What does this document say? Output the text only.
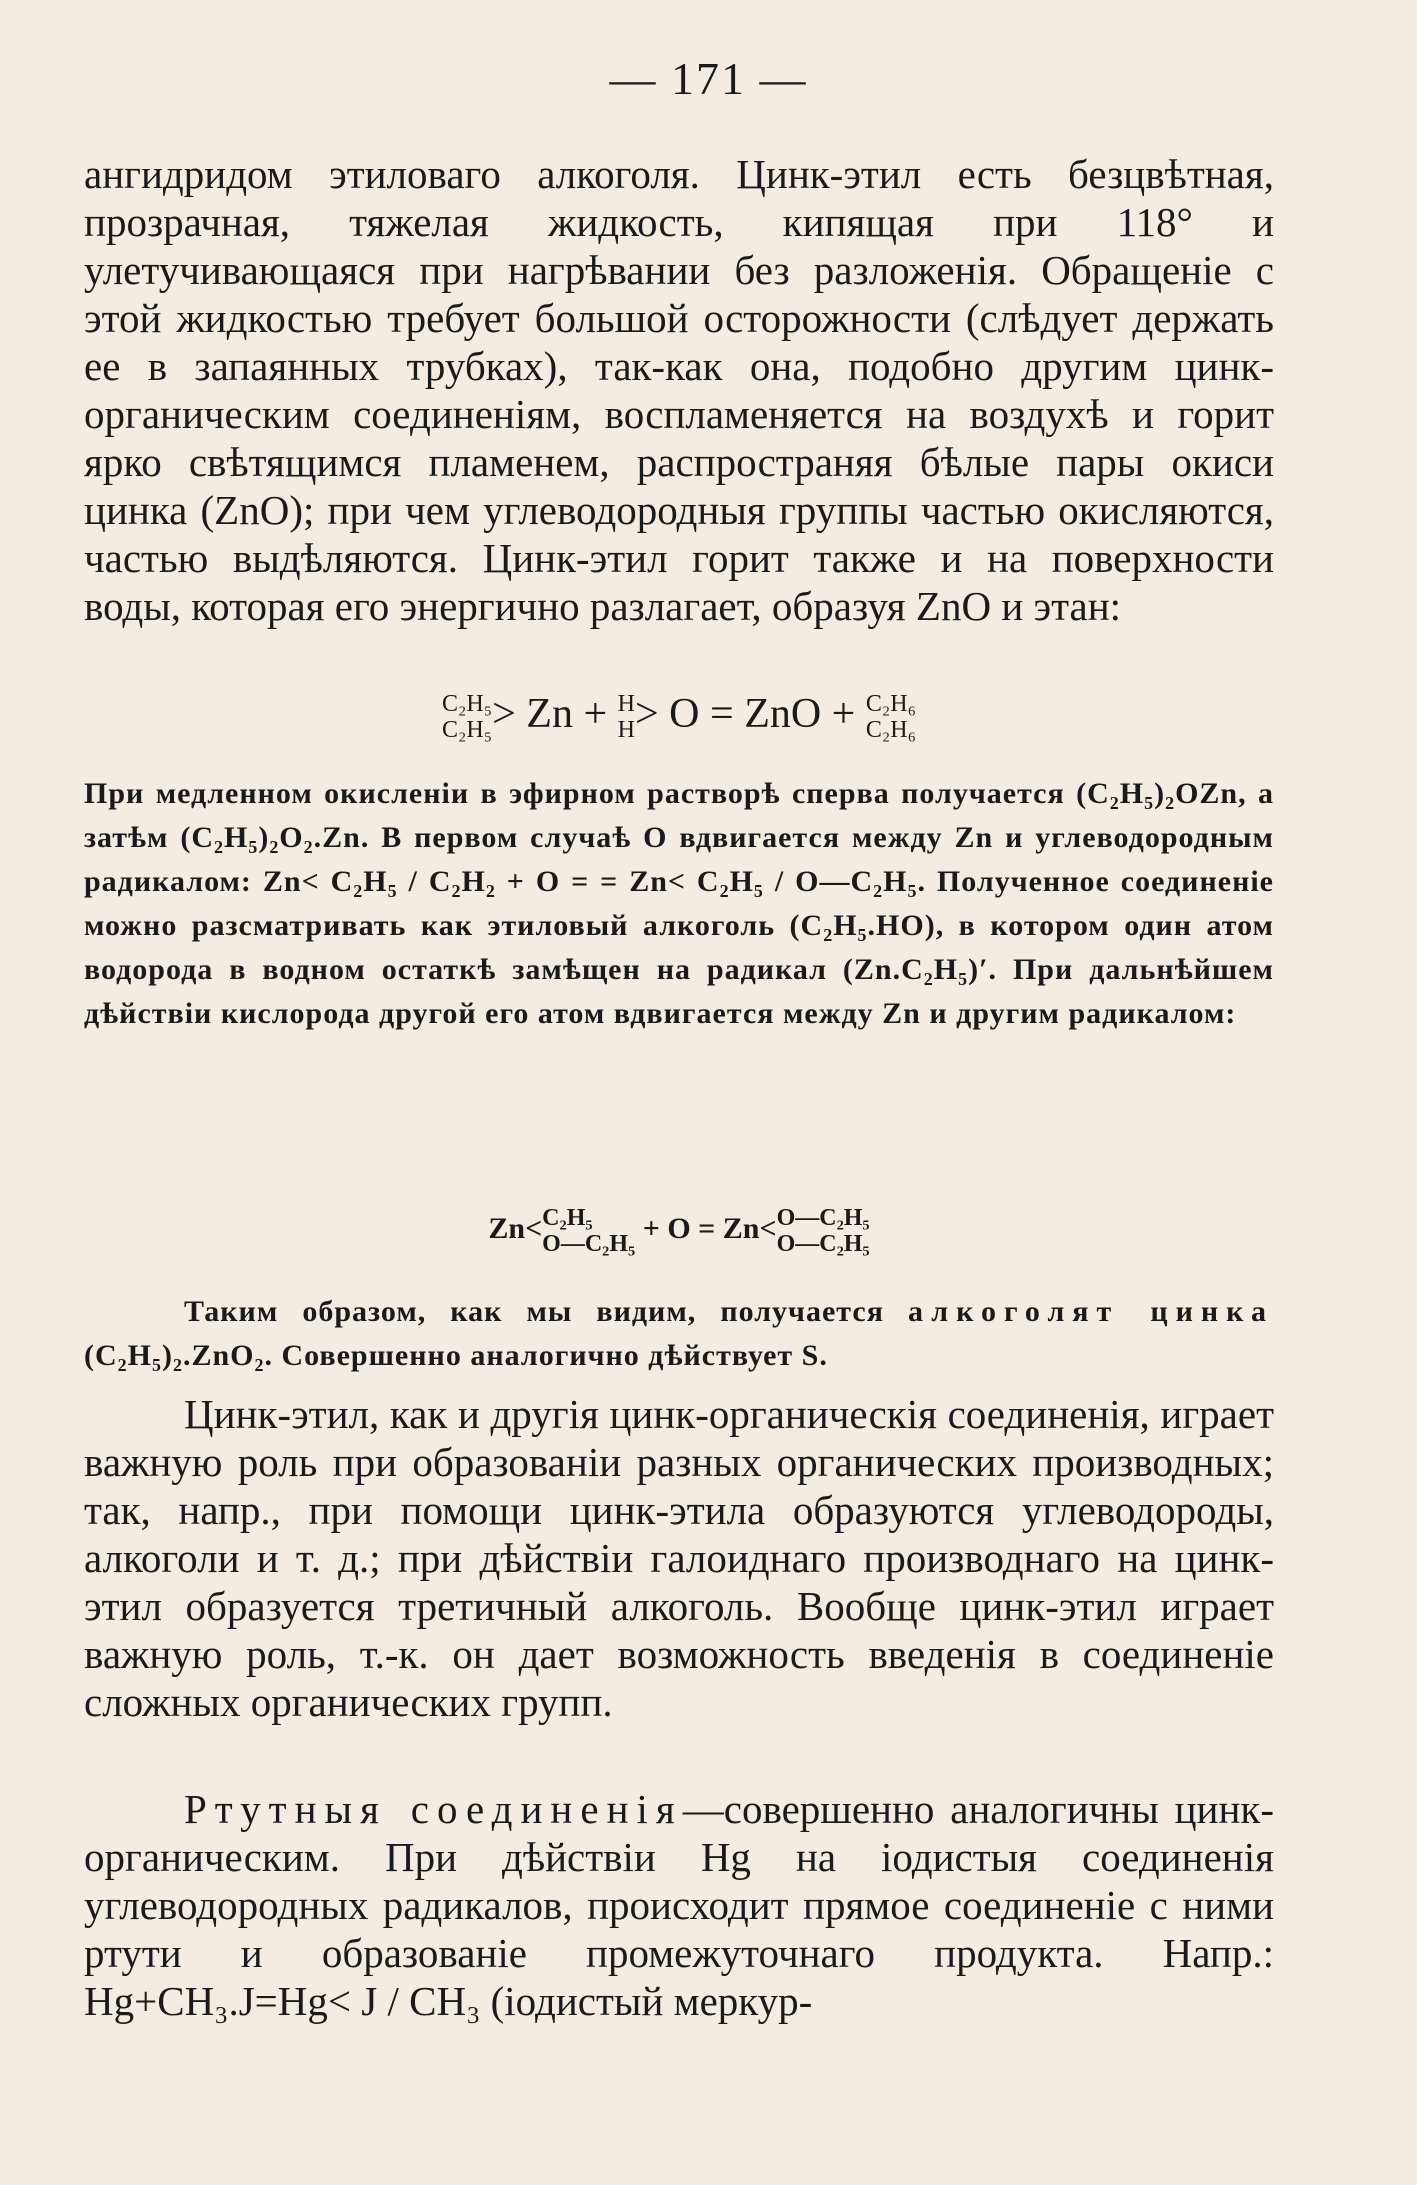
— 171 —

ангидридом этиловаго алкоголя. Цинк-этил есть безцвѣтная, прозрачная, тяжелая жидкость, кипящая при 118° и улетучивающаяся при нагрѣвании без разложенія. Обращеніе с этой жидкостью требует большой осторожности (слѣдует держать ее в запаянных трубках), так-как она, подобно другим цинк-органическим соединеніям, воспламеняется на воздухѣ и горит ярко свѣтящимся пламенем, распространяя бѣлые пары окиси цинка (ZnO); при чем углеводородныя группы частью окисляются, частью выдѣляются. Цинк-этил горит также и на поверхности воды, которая его энергично разлагает, образуя ZnO и этан:

C₂H₅
C₂H₅ > Zn + H
H > O = ZnO + C₂H₆
C₂H₆

При медленном окисленіи в эфирном растворѣ сперва получается (C₂H₅)₂OZn, а затѣм (C₂H₅)₂O₂.Zn. В первом случаѣ O вдвигается между Zn и углеводородным радикалом: Zn< C₂H₅ / C₂H₂ + O = = Zn< C₂H₅ / O—C₂H₅. Полученное соединеніе можно разсматривать как этиловый алкоголь (C₂H₅.HO), в котором один атом водорода в водном остаткѣ замѣщен на радикал (Zn.C₂H₅)′. При дальнѣйшем дѣйствіи кислорода другой его атом вдвигается между Zn и другим радикалом:

Zn< C₂H₅
O—C₂H₅ + O = Zn< O—C₂H₅
O—C₂H₅

Таким образом, как мы видим, получается алкоголят цинка (C₂H₅)₂.ZnO₂. Совершенно аналогично дѣйствует S.

Цинк-этил, как и другія цинк-органическія соединенія, играет важную роль при образованіи разных органических производных; так, напр., при помощи цинк-этила образуются углеводороды, алкоголи и т. д.; при дѣйствіи галоиднаго производнаго на цинк-этил образуется третичный алкоголь. Вообще цинк-этил играет важную роль, т.-к. он дает возможность введенія в соединеніе сложных органических групп.

Ртутныя соединенія—совершенно аналогичны цинк-органическим. При дѣйствіи Hg на іодистыя соединенія углеводородных радикалов, происходит прямое соединеніе с ними ртути и образованіе промежуточнаго продукта. Напр.: Hg+CH₃.J=Hg< J / CH₃ (іодистый меркур-
